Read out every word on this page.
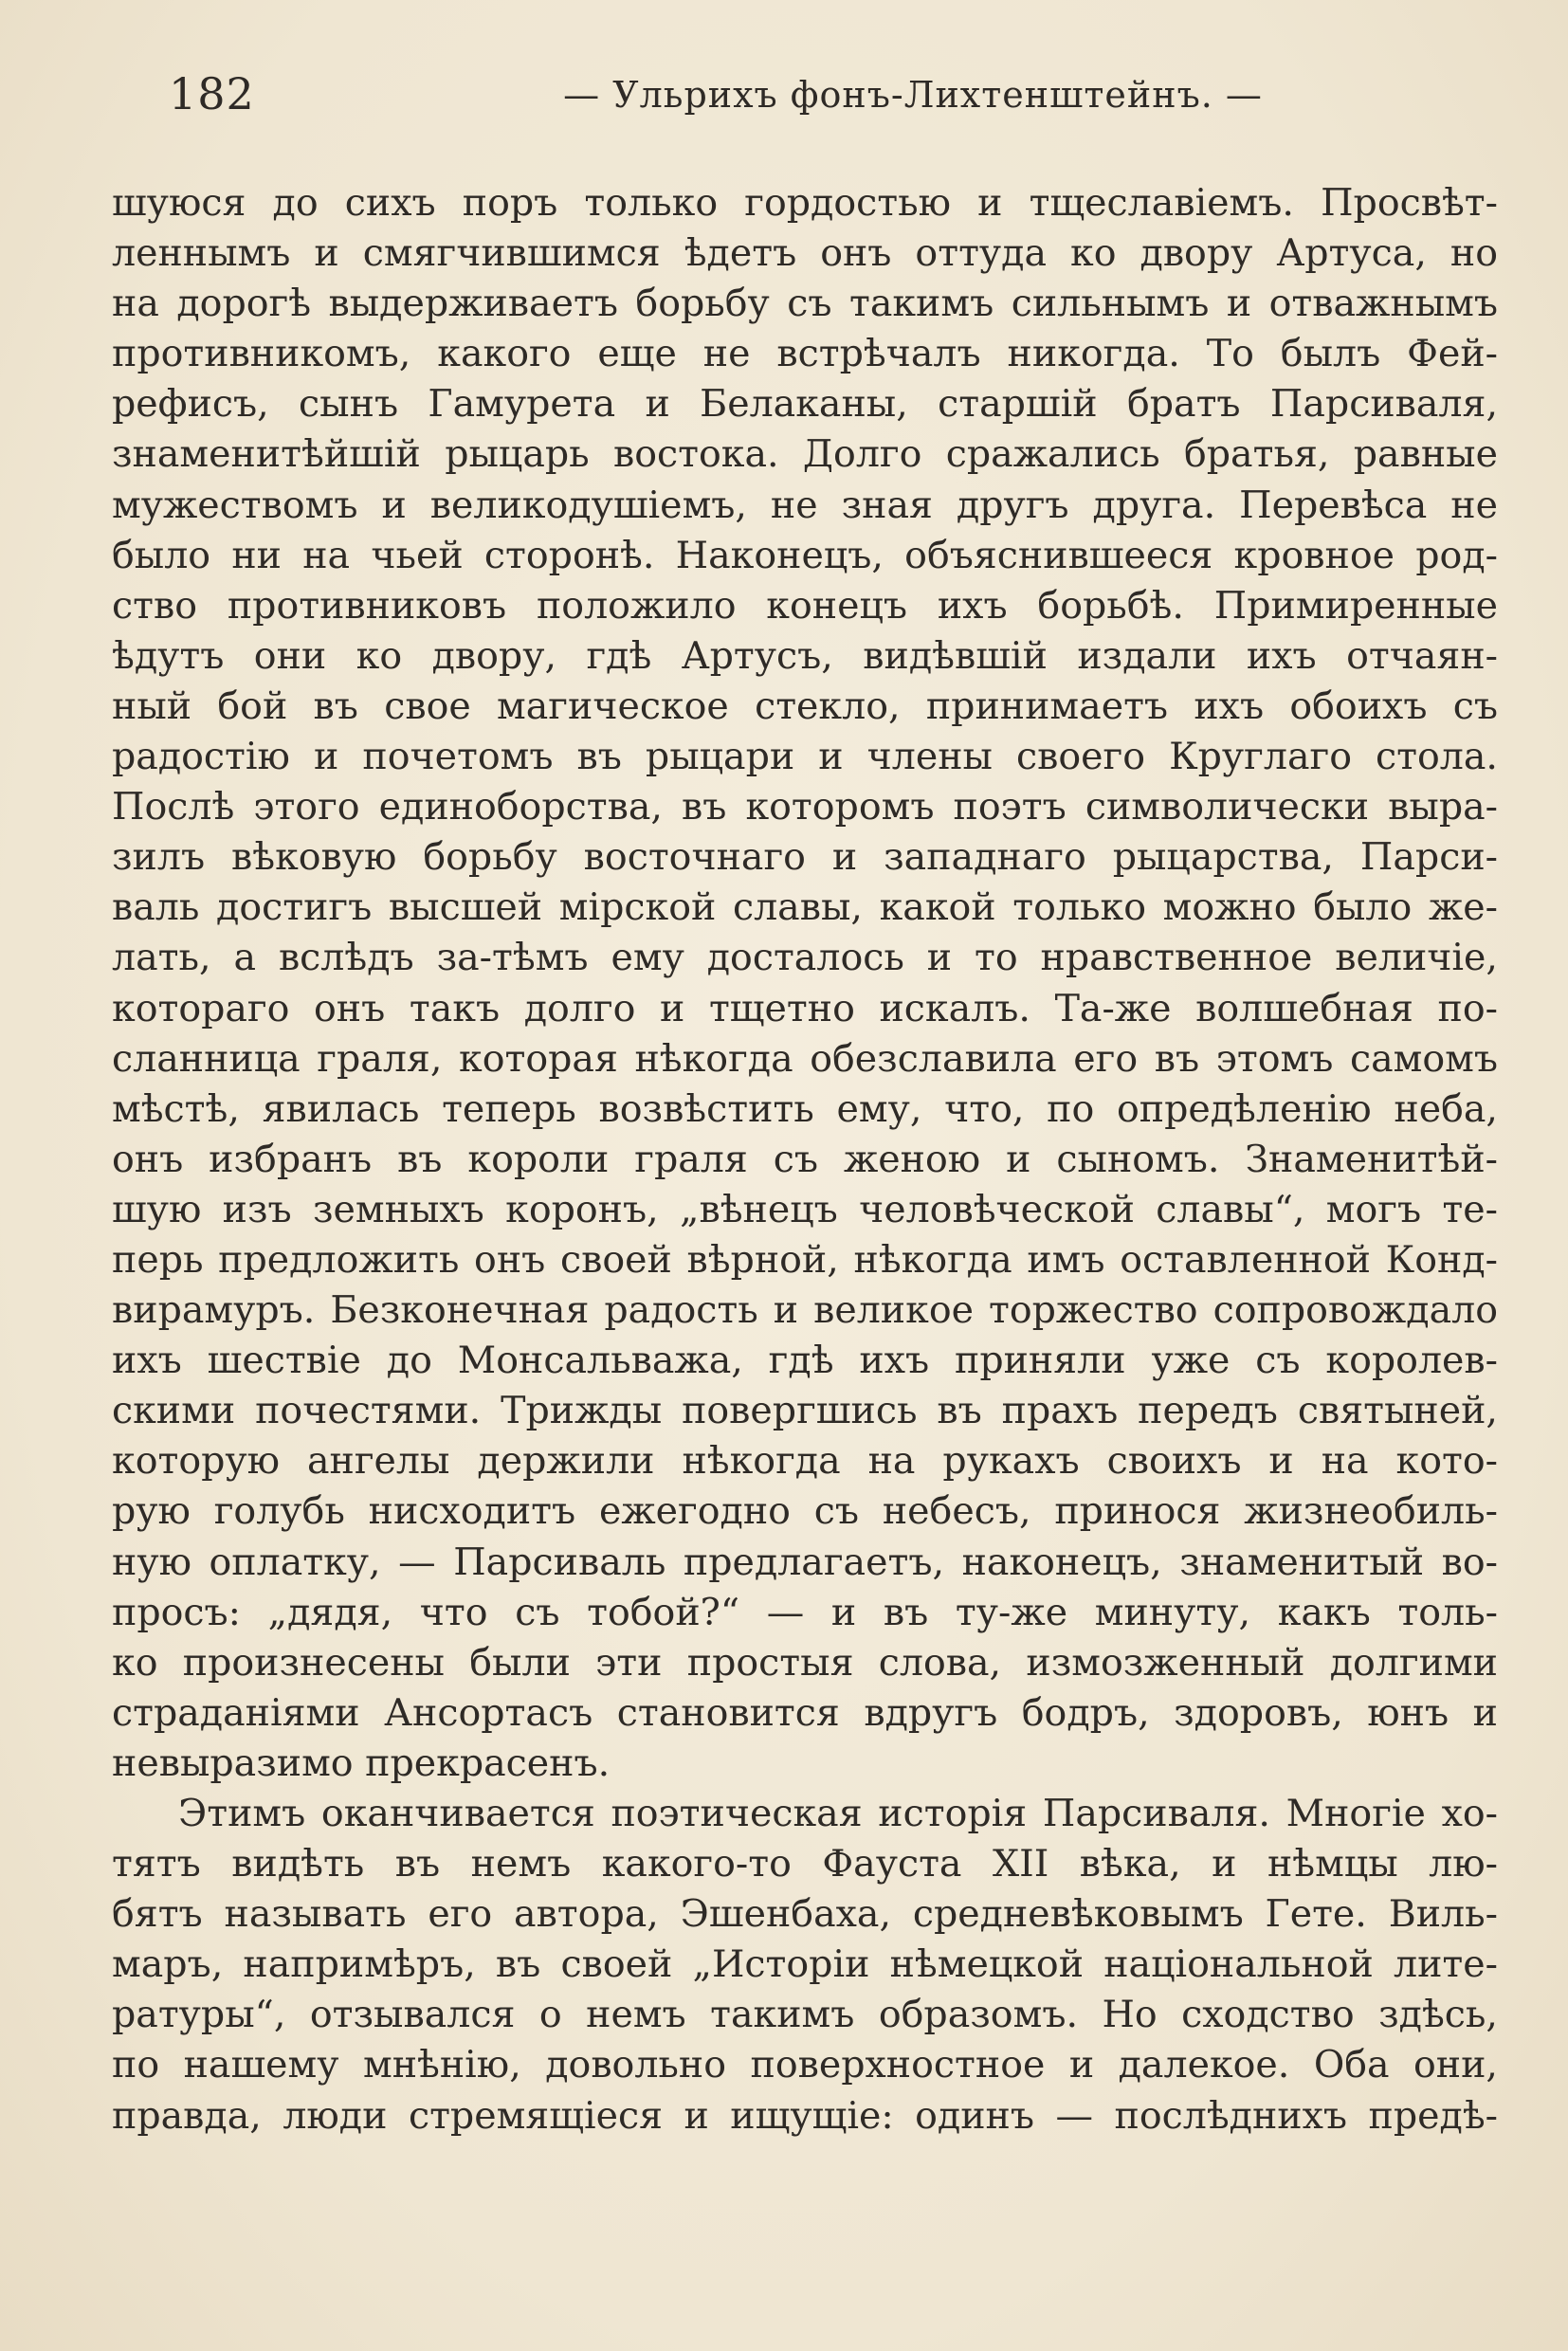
182	— Ульрихъ фонъ-Лихтенштейнъ. —
шуюся до сихъ поръ только гордостью и тщеславіемъ. Просвѣт-
леннымъ и смягчившимся ѣдетъ онъ оттуда ко двору Артуса, но
на дорогѣ выдерживаетъ борьбу съ такимъ сильнымъ и отважнымъ
противникомъ, какого еще не встрѣчалъ никогда. То былъ Фей-
рефисъ, сынъ Гамурета и Белаканы, старшій братъ Парсиваля,
знаменитѣйшій рыцарь востока. Долго сражались братья, равные
мужествомъ и великодушіемъ, не зная другъ друга. Перевѣса не
было ни на чьей сторонѣ. Наконецъ, объяснившееся кровное род-
ство противниковъ положило конецъ ихъ борьбѣ. Примиренные
ѣдутъ они ко двору, гдѣ Артусъ, видѣвшій издали ихъ отчаян-
ный бой въ свое магическое стекло, принимаетъ ихъ обоихъ съ
радостію и почетомъ въ рыцари и члены своего Круглаго стола.
Послѣ этого единоборства, въ которомъ поэтъ символически выра-
зилъ вѣковую борьбу восточнаго и западнаго рыцарства, Парси-
валь достигъ высшей мірской славы, какой только можно было же-
лать, а вслѣдъ за-тѣмъ ему досталось и то нравственное величіе,
котораго онъ такъ долго и тщетно искалъ. Та-же волшебная по-
сланница граля, которая нѣкогда обезславила его въ этомъ самомъ
мѣстѣ, явилась теперь возвѣстить ему, что, по опредѣленію неба,
онъ избранъ въ короли граля съ женою и сыномъ. Знаменитѣй-
шую изъ земныхъ коронъ, „вѣнецъ человѣческой славы“, могъ те-
перь предложить онъ своей вѣрной, нѣкогда имъ оставленной Конд-
вирамуръ. Безконечная радость и великое торжество сопровождало
ихъ шествіе до Монсальважа, гдѣ ихъ приняли уже съ королев-
скими почестями. Трижды повергшись въ прахъ передъ святыней,
которую ангелы держили нѣкогда на рукахъ своихъ и на кото-
рую голубь нисходитъ ежегодно съ небесъ, принося жизнеобиль-
ную оплатку, — Парсиваль предлагаетъ, наконецъ, знаменитый во-
просъ: „дядя, что съ тобой?“ — и въ ту-же минуту, какъ толь-
ко произнесены были эти простыя слова, измозженный долгими
страданіями Ансортасъ становится вдругъ бодръ, здоровъ, юнъ и
невыразимо прекрасенъ.
Этимъ оканчивается поэтическая исторія Парсиваля. Многіе хо-
тятъ видѣть въ немъ какого-то Фауста XII вѣка, и нѣмцы лю-
бятъ называть его автора, Эшенбаха, средневѣковымъ Гете. Виль-
маръ, напримѣръ, въ своей „Исторіи нѣмецкой національной лите-
ратуры“, отзывался о немъ такимъ образомъ. Но сходство здѣсь,
по нашему мнѣнію, довольно поверхностное и далекое. Оба они,
правда, люди стремящіеся и ищущіе: одинъ — послѣднихъ предѣ-
